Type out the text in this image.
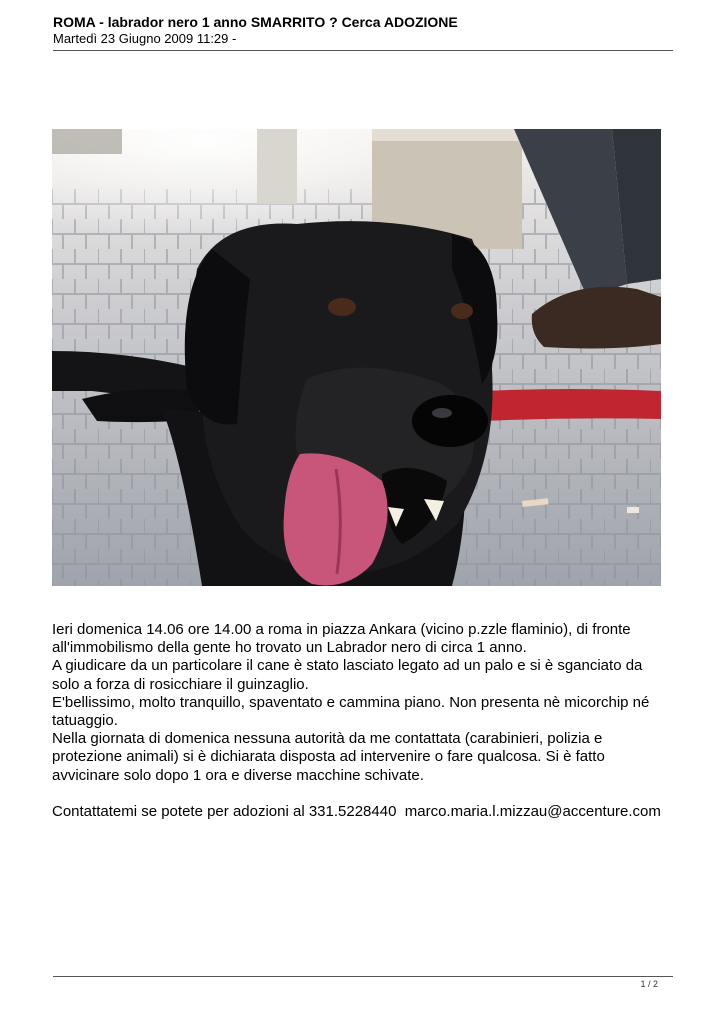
ROMA - labrador nero 1 anno SMARRITO ? Cerca ADOZIONE
Martedì 23 Giugno 2009 11:29 -

Ieri domenica 14.06 ore 14.00 a roma in piazza Ankara (vicino p.zzle flaminio), di fronte all'immobilismo della gente ho trovato un Labrador nero di circa 1 anno.

A giudicare da un particolare il cane è stato lasciato legato ad un palo e si è sganciato da solo a forza di rosicchiare il guinzaglio.

E'bellissimo, molto tranquillo, spaventato e cammina piano. Non presenta nè micorchip né tatuaggio.

Nella giornata di domenica nessuna autorità da me contattata (carabinieri, polizia e protezione animali) si è dichiarata disposta ad intervenire o fare qualcosa. Si è fatto avvicinare solo dopo 1 ora e diverse macchine schivate.

Contattatemi se potete per adozioni al 331.5228440  marco.maria.l.mizzau@accenture.com

1 / 2
